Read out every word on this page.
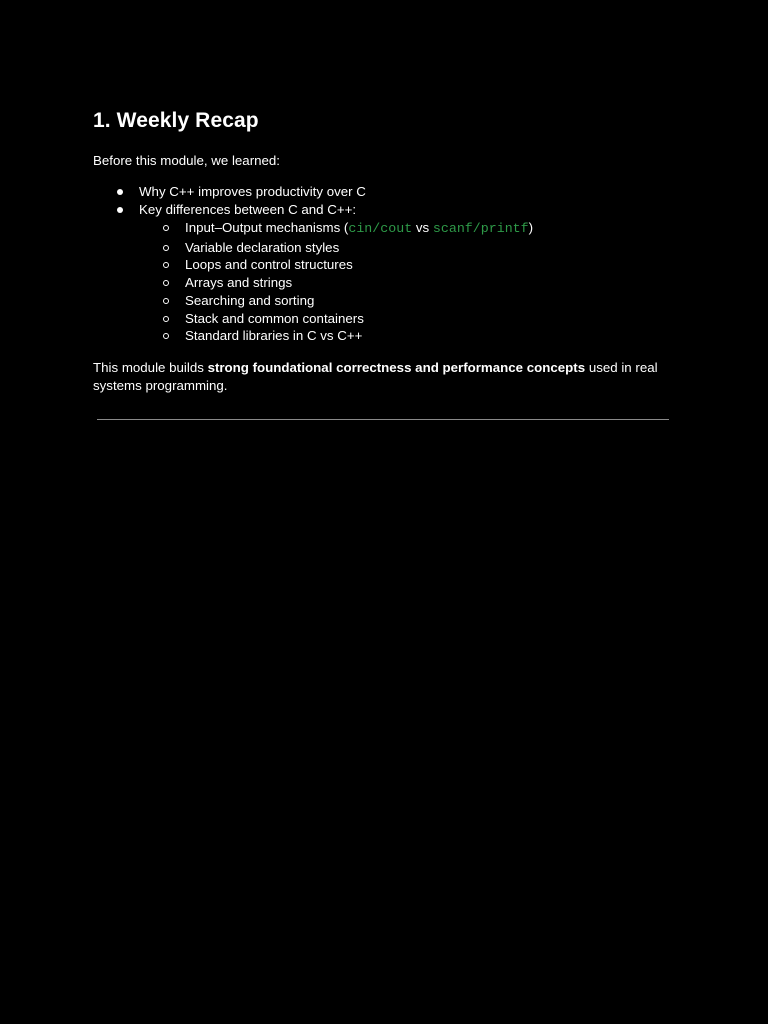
1. Weekly Recap

Before this module, we learned:

Why C++ improves productivity over C
Key differences between C and C++:
Input–Output mechanisms (cin/cout vs scanf/printf)
Variable declaration styles
Loops and control structures
Arrays and strings
Searching and sorting
Stack and common containers
Standard libraries in C vs C++

This module builds strong foundational correctness and performance concepts used in real systems programming.
